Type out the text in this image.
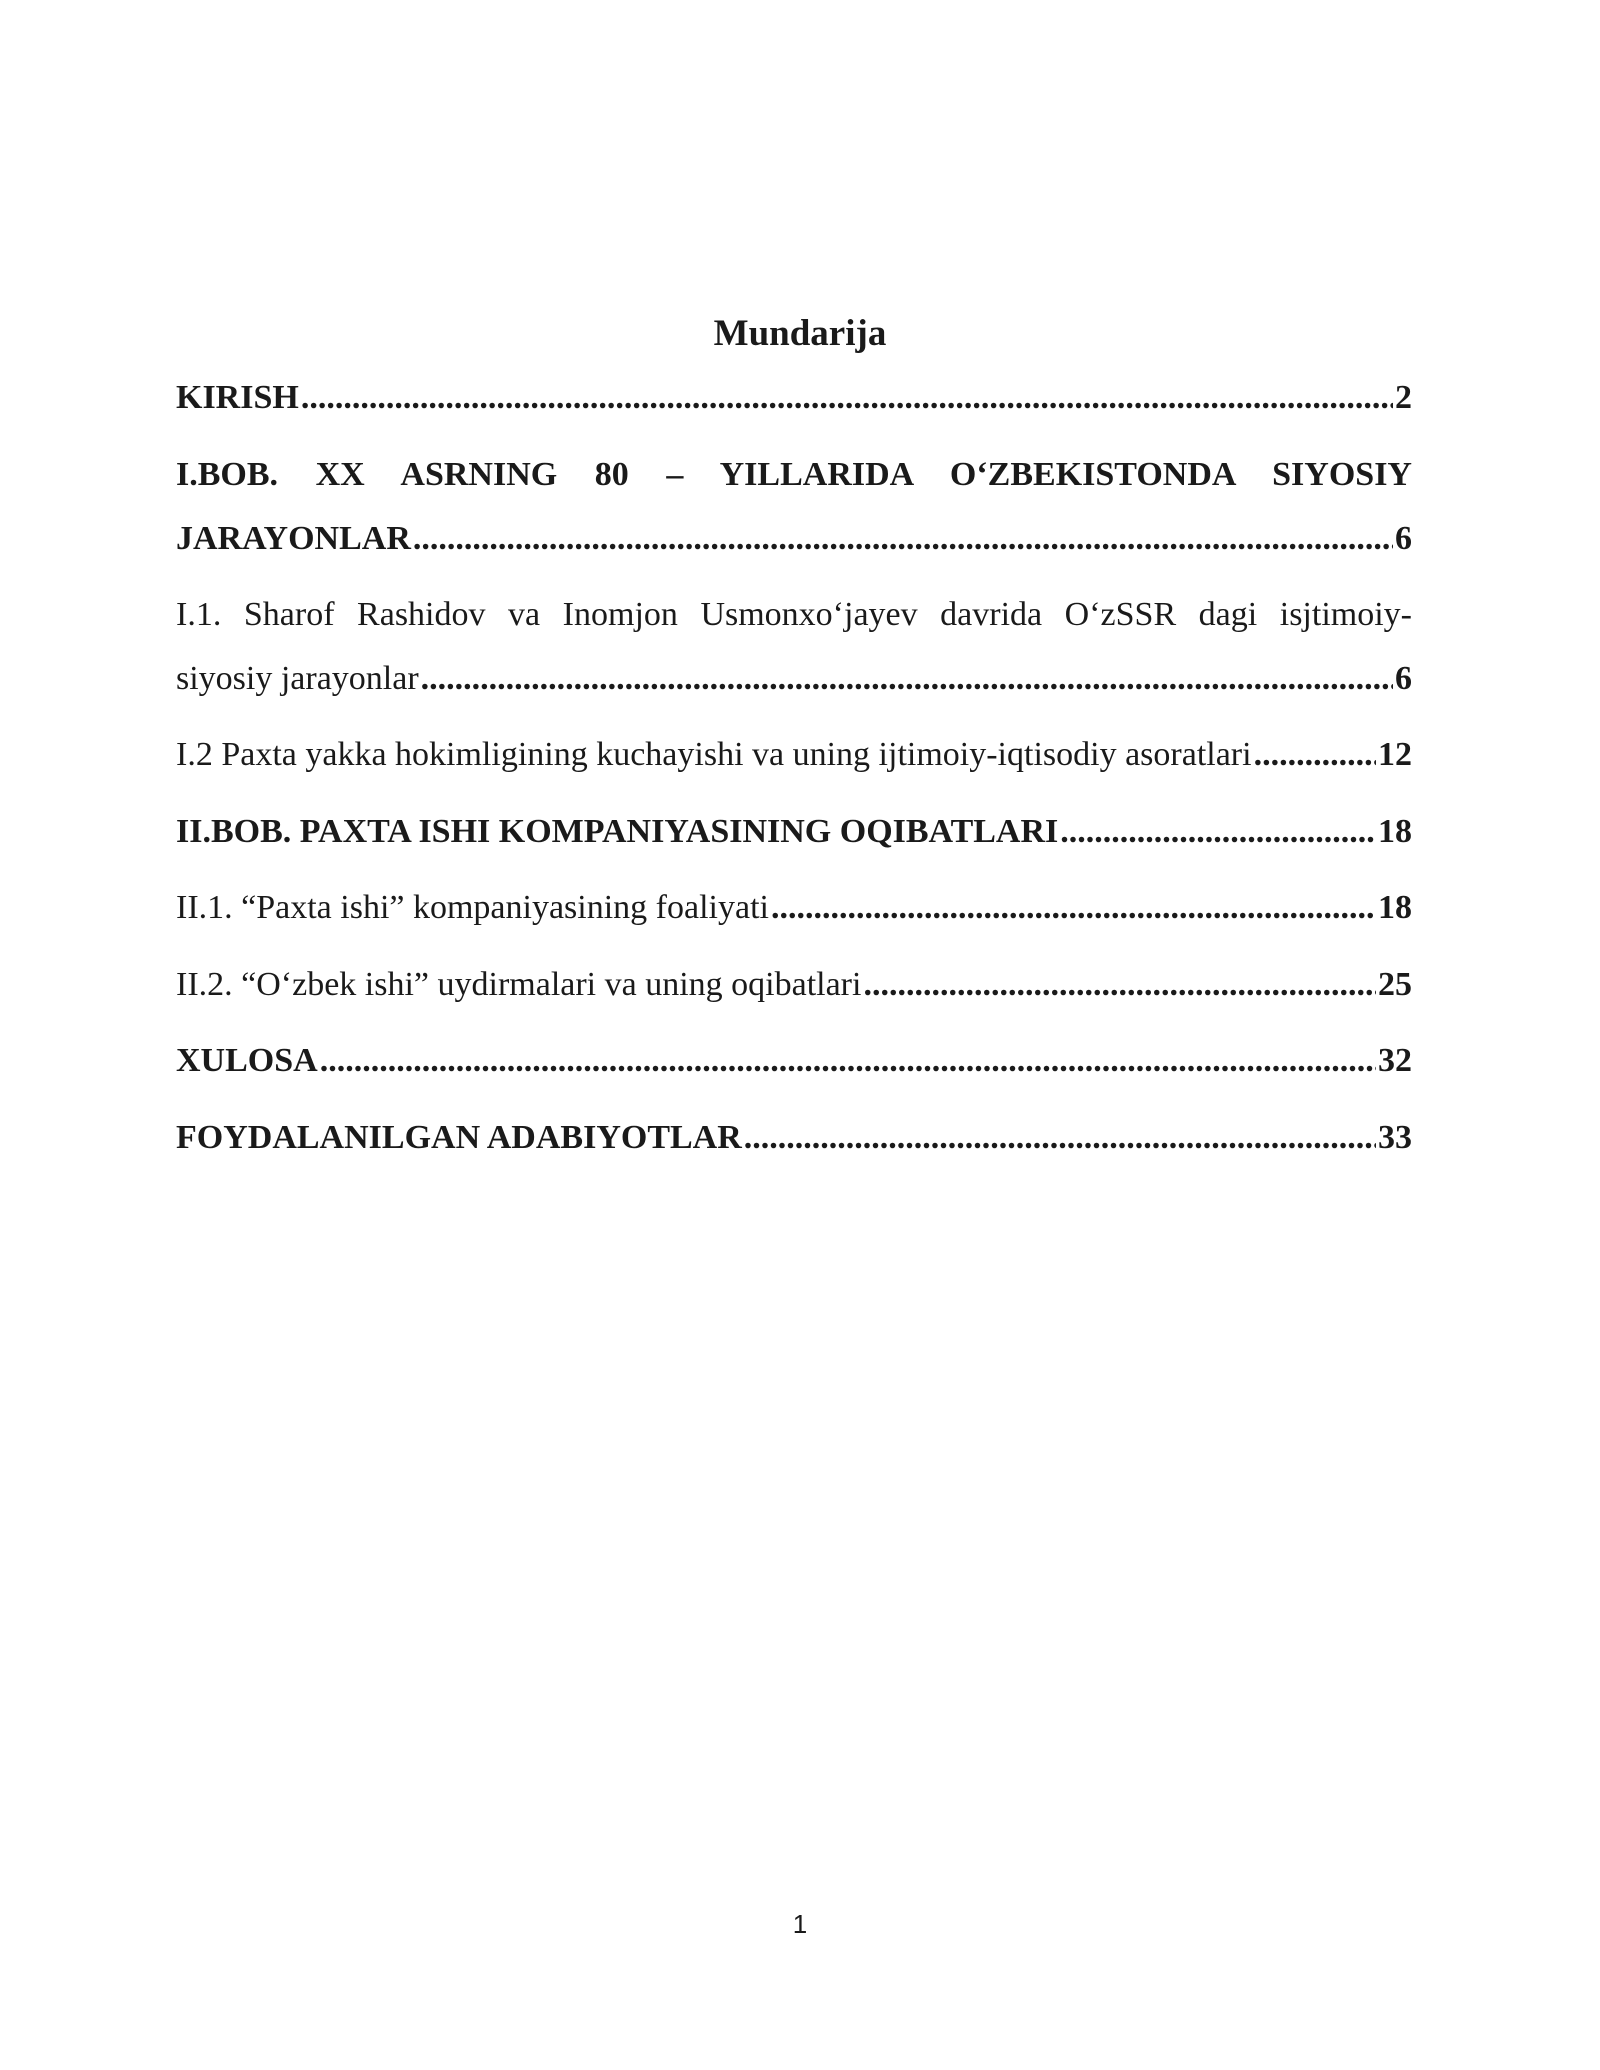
Mundarija
KIRISH .....	2
I.BOB. XX ASRNING 80 – YILLARIDA O‘ZBEKISTONDA SIYOSIY
JARAYONLAR .....	6
I.1. Sharof Rashidov va Inomjon Usmonxo‘jayev davrida O‘zSSR dagi isjtimoiy-
siyosiy jarayonlar .....	6
I.2 Paxta yakka hokimligining kuchayishi va uning ijtimoiy-iqtisodiy asoratlari .....	12
II.BOB. PAXTA ISHI KOMPANIYASINING OQIBATLARI .....	18
II.1. “Paxta ishi” kompaniyasining foaliyati .....	18
II.2. “O‘zbek ishi” uydirmalari va uning oqibatlari .....	25
XULOSA .....	32
FOYDALANILGAN ADABIYOTLAR .....	33
1
